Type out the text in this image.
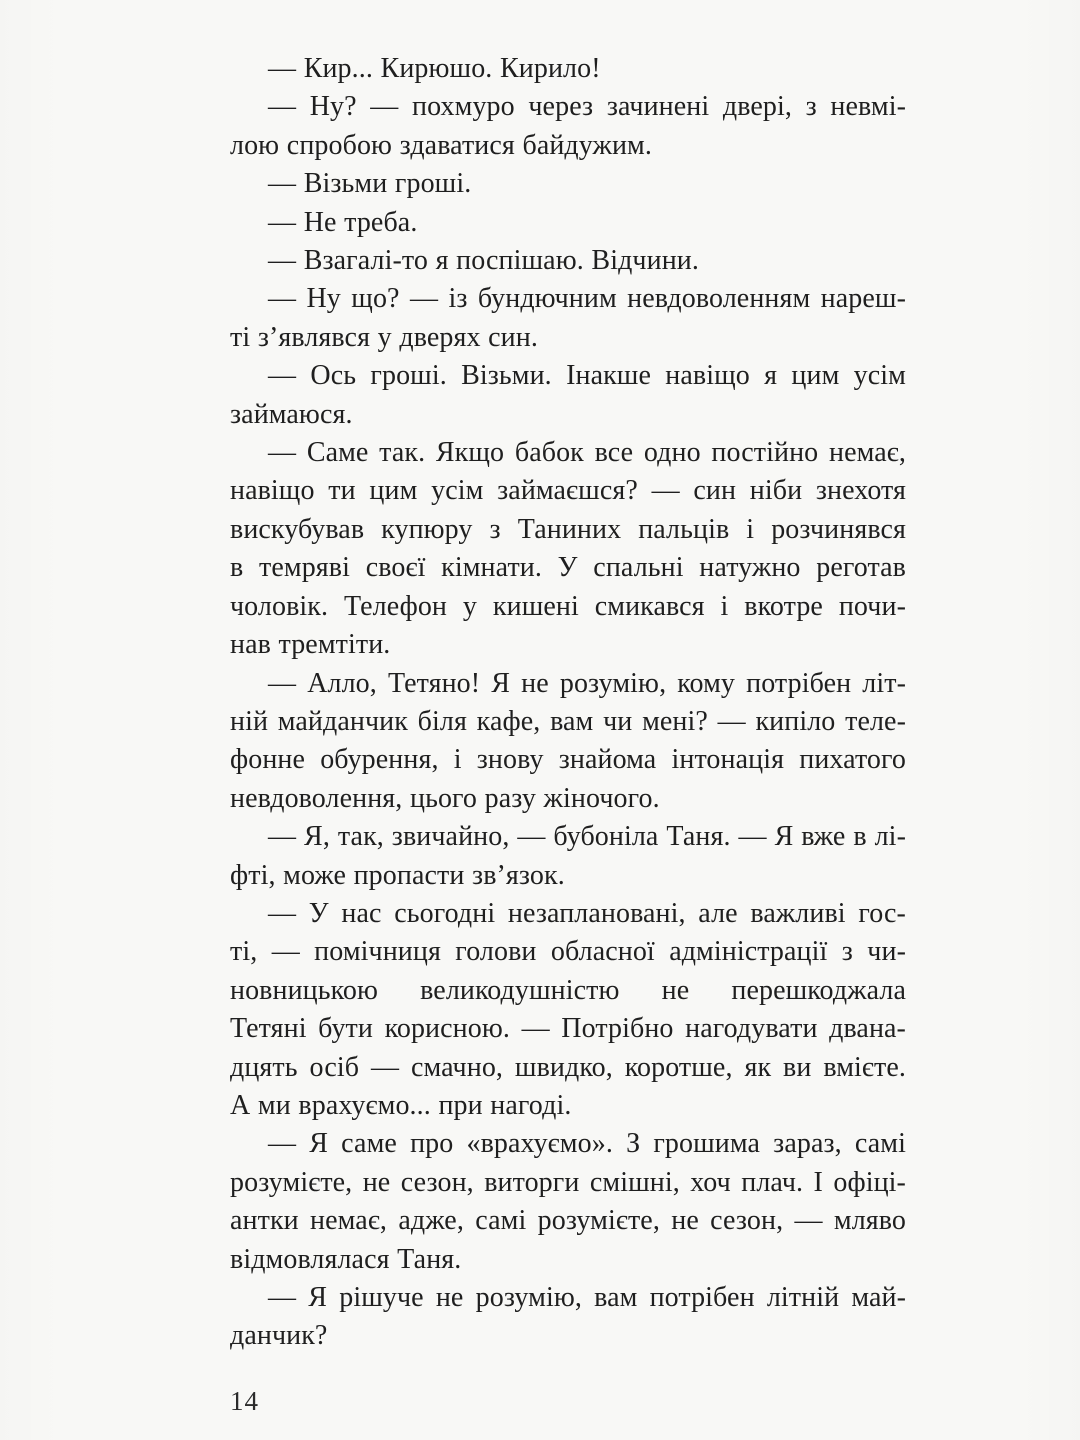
— Кир... Кирюшо. Кирило!
— Ну? — похмуро через зачинені двері, з невмі-
лою спробою здаватися байдужим.
— Візьми гроші.
— Не треба.
— Взагалі-то я поспішаю. Відчини.
— Ну що? — із бундючним невдоволенням нареш-
ті з’являвся у дверях син.
— Ось гроші. Візьми. Інакше навіщо я цим усім
займаюся.
— Саме так. Якщо бабок все одно постійно немає,
навіщо ти цим усім займаєшся? — син ніби знехотя
вискубував купюру з Таниних пальців і розчинявся
в темряві своєї кімнати. У спальні натужно реготав
чоловік. Телефон у кишені смикався і вкотре почи-
нав тремтіти.
— Алло, Тетяно! Я не розумію, кому потрібен літ-
ній майданчик біля кафе, вам чи мені? — кипіло теле-
фонне обурення, і знову знайома інтонація пихатого
невдоволення, цього разу жіночого.
— Я, так, звичайно, — бубоніла Таня. — Я вже в лі-
фті, може пропасти зв’язок.
— У нас сьогодні незаплановані, але важливі гос-
ті, — помічниця голови обласної адміністрації з чи-
новницькою великодушністю не перешкоджала
Тетяні бути корисною. — Потрібно нагодувати двана-
дцять осіб — смачно, швидко, коротше, як ви вмієте.
А ми врахуємо... при нагоді.
— Я саме про «врахуємо». З грошима зараз, самі
розумієте, не сезон, виторги смішні, хоч плач. І офіці-
антки немає, адже, самі розумієте, не сезон, — мляво
відмовлялася Таня.
— Я рішуче не розумію, вам потрібен літній май-
данчик?
14
